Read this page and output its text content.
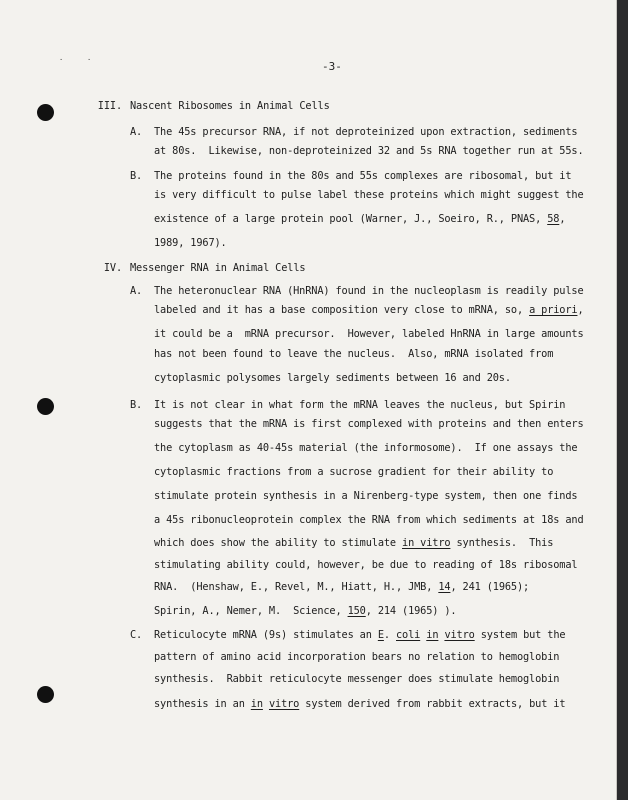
.	.
-3-
III. Nascent Ribosomes in Animal Cells
A. The 45s precursor RNA, if not deproteinized upon extraction, sediments
at 80s.  Likewise, non-deproteinized 32 and 5s RNA together run at 55s.
B. The proteins found in the 80s and 55s complexes are ribosomal, but it
is very difficult to pulse label these proteins which might suggest the
existence of a large protein pool (Warner, J., Soeiro, R., PNAS, 58,
1989, 1967).
IV. Messenger RNA in Animal Cells
A. The heteronuclear RNA (HnRNA) found in the nucleoplasm is readily pulse
labeled and it has a base composition very close to mRNA, so, a priori,
it could be a  mRNA precursor.  However, labeled HnRNA in large amounts
has not been found to leave the nucleus.  Also, mRNA isolated from
cytoplasmic polysomes largely sediments between 16 and 20s.
B. It is not clear in what form the mRNA leaves the nucleus, but Spirin
suggests that the mRNA is first complexed with proteins and then enters
the cytoplasm as 40-45s material (the informosome).  If one assays the
cytoplasmic fractions from a sucrose gradient for their ability to
stimulate protein synthesis in a Nirenberg-type system, then one finds
a 45s ribonucleoprotein complex the RNA from which sediments at 18s and
which does show the ability to stimulate in vitro synthesis.  This
stimulating ability could, however, be due to reading of 18s ribosomal
RNA.  (Henshaw, E., Revel, M., Hiatt, H., JMB, 14, 241 (1965);
Spirin, A., Nemer, M.  Science, 150, 214 (1965) ).
C. Reticulocyte mRNA (9s) stimulates an E. coli in vitro system but the
pattern of amino acid incorporation bears no relation to hemoglobin
synthesis.  Rabbit reticulocyte messenger does stimulate hemoglobin
synthesis in an in vitro system derived from rabbit extracts, but it
